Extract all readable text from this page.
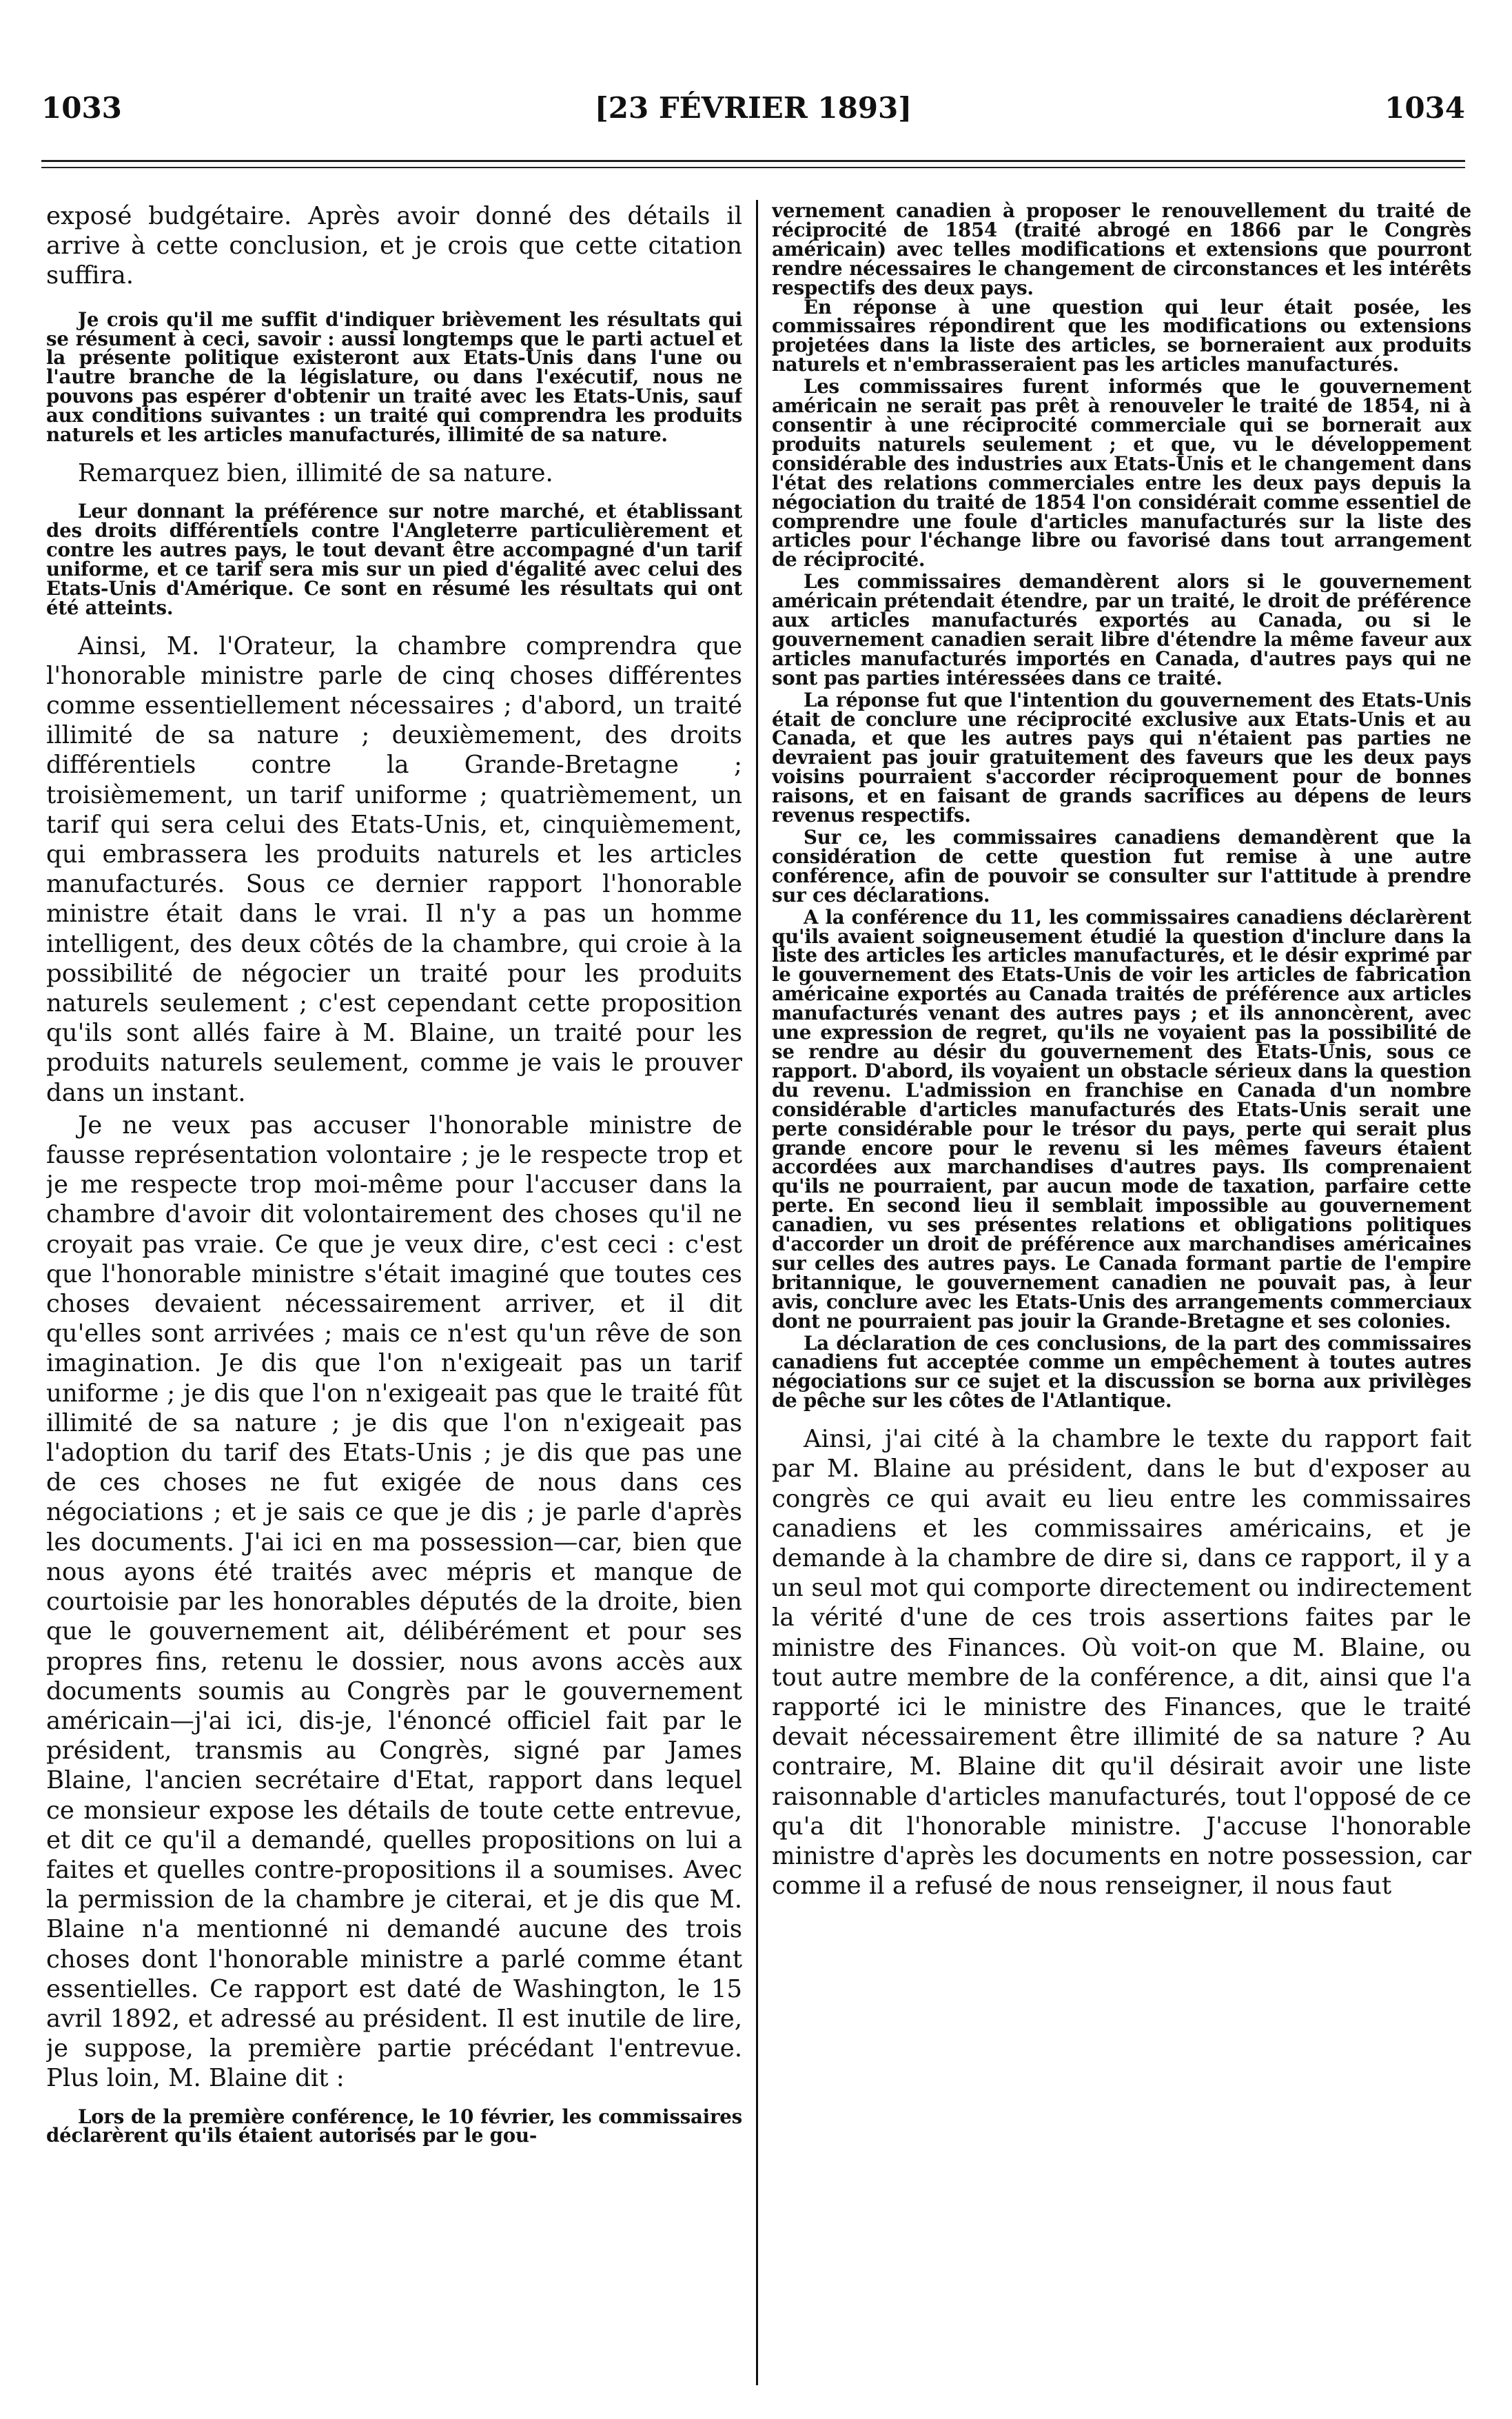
1033	[23 FÉVRIER 1893]	1034

exposé budgétaire. Après avoir donné des détails il arrive à cette conclusion, et je crois que cette citation suffira.

Je crois qu'il me suffit d'indiquer brièvement les résultats qui se résument à ceci, savoir : aussi longtemps que le parti actuel et la présente politique existeront aux Etats-Unis dans l'une ou l'autre branche de la législature, ou dans l'exécutif, nous ne pouvons pas espérer d'obtenir un traité avec les Etats-Unis, sauf aux conditions suivantes : un traité qui comprendra les produits naturels et les articles manufacturés, illimité de sa nature.

Remarquez bien, illimité de sa nature.

Leur donnant la préférence sur notre marché, et établissant des droits différentiels contre l'Angleterre particulièrement et contre les autres pays, le tout devant être accompagné d'un tarif uniforme, et ce tarif sera mis sur un pied d'égalité avec celui des Etats-Unis d'Amérique. Ce sont en résumé les résultats qui ont été atteints.

Ainsi, M. l'Orateur, la chambre comprendra que l'honorable ministre parle de cinq choses différentes comme essentiellement nécessaires ; d'abord, un traité illimité de sa nature ; deuxièmement, des droits différentiels contre la Grande-Bretagne ; troisièmement, un tarif uniforme ; quatrièmement, un tarif qui sera celui des Etats-Unis, et, cinquièmement, qui embrassera les produits naturels et les articles manufacturés. Sous ce dernier rapport l'honorable ministre était dans le vrai. Il n'y a pas un homme intelligent, des deux côtés de la chambre, qui croie à la possibilité de négocier un traité pour les produits naturels seulement ; c'est cependant cette proposition qu'ils sont allés faire à M. Blaine, un traité pour les produits naturels seulement, comme je vais le prouver dans un instant.

Je ne veux pas accuser l'honorable ministre de fausse représentation volontaire ; je le respecte trop et je me respecte trop moi-même pour l'accuser dans la chambre d'avoir dit volontairement des choses qu'il ne croyait pas vraie. Ce que je veux dire, c'est ceci : c'est que l'honorable ministre s'était imaginé que toutes ces choses devaient nécessairement arriver, et il dit qu'elles sont arrivées ; mais ce n'est qu'un rêve de son imagination. Je dis que l'on n'exigeait pas un tarif uniforme ; je dis que l'on n'exigeait pas que le traité fût illimité de sa nature ; je dis que l'on n'exigeait pas l'adoption du tarif des Etats-Unis ; je dis que pas une de ces choses ne fut exigée de nous dans ces négociations ; et je sais ce que je dis ; je parle d'après les documents. J'ai ici en ma possession—car, bien que nous ayons été traités avec mépris et manque de courtoisie par les honorables députés de la droite, bien que le gouvernement ait, délibérément et pour ses propres fins, retenu le dossier, nous avons accès aux documents soumis au Congrès par le gouvernement américain—j'ai ici, dis-je, l'énoncé officiel fait par le président, transmis au Congrès, signé par James Blaine, l'ancien secrétaire d'Etat, rapport dans lequel ce monsieur expose les détails de toute cette entrevue, et dit ce qu'il a demandé, quelles propositions on lui a faites et quelles contre-propositions il a soumises. Avec la permission de la chambre je citerai, et je dis que M. Blaine n'a mentionné ni demandé aucune des trois choses dont l'honorable ministre a parlé comme étant essentielles. Ce rapport est daté de Washington, le 15 avril 1892, et adressé au président. Il est inutile de lire, je suppose, la première partie précédant l'entrevue. Plus loin, M. Blaine dit :

Lors de la première conférence, le 10 février, les commissaires déclarèrent qu'ils étaient autorisés par le gou-

vernement canadien à proposer le renouvellement du traité de réciprocité de 1854 (traité abrogé en 1866 par le Congrès américain) avec telles modifications et extensions que pourront rendre nécessaires le changement de circonstances et les intérêts respectifs des deux pays.

En réponse à une question qui leur était posée, les commissaires répondirent que les modifications ou extensions projetées dans la liste des articles, se borneraient aux produits naturels et n'embrasseraient pas les articles manufacturés.

Les commissaires furent informés que le gouvernement américain ne serait pas prêt à renouveler le traité de 1854, ni à consentir à une réciprocité commerciale qui se bornerait aux produits naturels seulement ; et que, vu le développement considérable des industries aux Etats-Unis et le changement dans l'état des relations commerciales entre les deux pays depuis la négociation du traité de 1854 l'on considérait comme essentiel de comprendre une foule d'articles manufacturés sur la liste des articles pour l'échange libre ou favorisé dans tout arrangement de réciprocité.

Les commissaires demandèrent alors si le gouvernement américain prétendait étendre, par un traité, le droit de préférence aux articles manufacturés exportés au Canada, ou si le gouvernement canadien serait libre d'étendre la même faveur aux articles manufacturés importés en Canada, d'autres pays qui ne sont pas parties intéressées dans ce traité.

La réponse fut que l'intention du gouvernement des Etats-Unis était de conclure une réciprocité exclusive aux Etats-Unis et au Canada, et que les autres pays qui n'étaient pas parties ne devraient pas jouir gratuitement des faveurs que les deux pays voisins pourraient s'accorder réciproquement pour de bonnes raisons, et en faisant de grands sacrifices au dépens de leurs revenus respectifs.

Sur ce, les commissaires canadiens demandèrent que la considération de cette question fut remise à une autre conférence, afin de pouvoir se consulter sur l'attitude à prendre sur ces déclarations.

A la conférence du 11, les commissaires canadiens déclarèrent qu'ils avaient soigneusement étudié la question d'inclure dans la liste des articles les articles manufacturés, et le désir exprimé par le gouvernement des Etats-Unis de voir les articles de fabrication américaine exportés au Canada traités de préférence aux articles manufacturés venant des autres pays ; et ils annoncèrent, avec une expression de regret, qu'ils ne voyaient pas la possibilité de se rendre au désir du gouvernement des Etats-Unis, sous ce rapport. D'abord, ils voyaient un obstacle sérieux dans la question du revenu. L'admission en franchise en Canada d'un nombre considérable d'articles manufacturés des Etats-Unis serait une perte considérable pour le trésor du pays, perte qui serait plus grande encore pour le revenu si les mêmes faveurs étaient accordées aux marchandises d'autres pays. Ils comprenaient qu'ils ne pourraient, par aucun mode de taxation, parfaire cette perte. En second lieu il semblait impossible au gouvernement canadien, vu ses présentes relations et obligations politiques d'accorder un droit de préférence aux marchandises américaines sur celles des autres pays. Le Canada formant partie de l'empire britannique, le gouvernement canadien ne pouvait pas, à leur avis, conclure avec les Etats-Unis des arrangements commerciaux dont ne pourraient pas jouir la Grande-Bretagne et ses colonies.

La déclaration de ces conclusions, de la part des commissaires canadiens fut acceptée comme un empêchement à toutes autres négociations sur ce sujet et la discussion se borna aux privilèges de pêche sur les côtes de l'Atlantique.

Ainsi, j'ai cité à la chambre le texte du rapport fait par M. Blaine au président, dans le but d'exposer au congrès ce qui avait eu lieu entre les commissaires canadiens et les commissaires américains, et je demande à la chambre de dire si, dans ce rapport, il y a un seul mot qui comporte directement ou indirectement la vérité d'une de ces trois assertions faites par le ministre des Finances. Où voit-on que M. Blaine, ou tout autre membre de la conférence, a dit, ainsi que l'a rapporté ici le ministre des Finances, que le traité devait nécessairement être illimité de sa nature ? Au contraire, M. Blaine dit qu'il désirait avoir une liste raisonnable d'articles manufacturés, tout l'opposé de ce qu'a dit l'honorable ministre. J'accuse l'honorable ministre d'après les documents en notre possession, car comme il a refusé de nous renseigner, il nous faut
